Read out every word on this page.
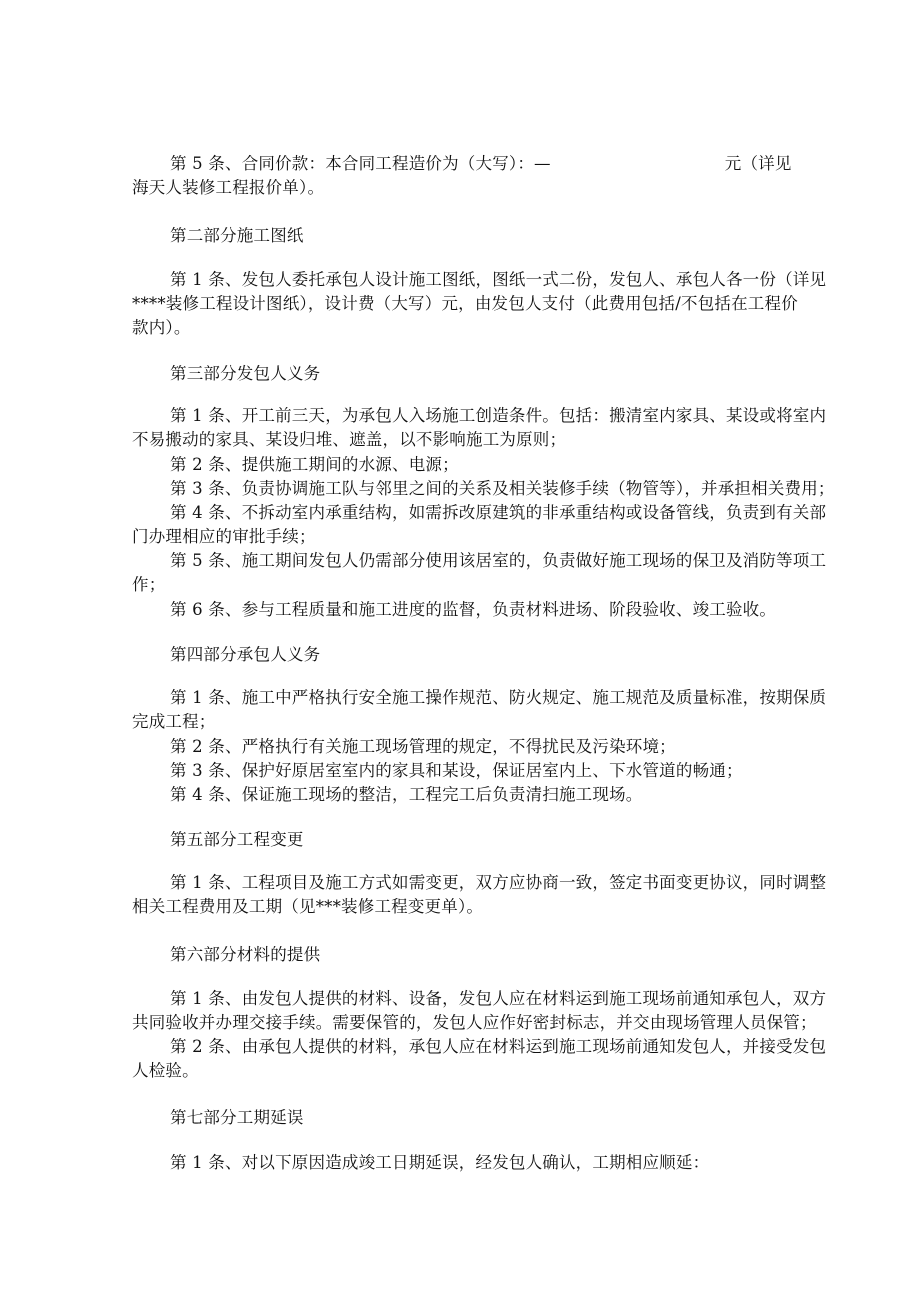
第 5 条、合同价款：本合同工程造价为（大写）：—	元（详见
海天人装修工程报价单）。
第二部分施工图纸
第 1 条、发包人委托承包人设计施工图纸，图纸一式二份，发包人、承包人各一份（详见
****装修工程设计图纸），设计费（大写）元，由发包人支付（此费用包括/不包括在工程价
款内）。
第三部分发包人义务
第 1 条、开工前三天，为承包人入场施工创造条件。包括：搬清室内家具、某设或将室内
不易搬动的家具、某设归堆、遮盖，以不影响施工为原则；
第 2 条、提供施工期间的水源、电源；
第 3 条、负责协调施工队与邻里之间的关系及相关装修手续（物管等），并承担相关费用；
第 4 条、不拆动室内承重结构，如需拆改原建筑的非承重结构或设备管线，负责到有关部
门办理相应的审批手续；
第 5 条、施工期间发包人仍需部分使用该居室的，负责做好施工现场的保卫及消防等项工
作；
第 6 条、参与工程质量和施工进度的监督，负责材料进场、阶段验收、竣工验收。
第四部分承包人义务
第 1 条、施工中严格执行安全施工操作规范、防火规定、施工规范及质量标准，按期保质
完成工程；
第 2 条、严格执行有关施工现场管理的规定，不得扰民及污染环境；
第 3 条、保护好原居室室内的家具和某设，保证居室内上、下水管道的畅通；
第 4 条、保证施工现场的整洁，工程完工后负责清扫施工现场。
第五部分工程变更
第 1 条、工程项目及施工方式如需变更，双方应协商一致，签定书面变更协议，同时调整
相关工程费用及工期（见***装修工程变更单）。
第六部分材料的提供
第 1 条、由发包人提供的材料、设备，发包人应在材料运到施工现场前通知承包人，双方
共同验收并办理交接手续。需要保管的，发包人应作好密封标志，并交由现场管理人员保管；
第 2 条、由承包人提供的材料，承包人应在材料运到施工现场前通知发包人，并接受发包
人检验。
第七部分工期延误
第 1 条、对以下原因造成竣工日期延误，经发包人确认，工期相应顺延：
